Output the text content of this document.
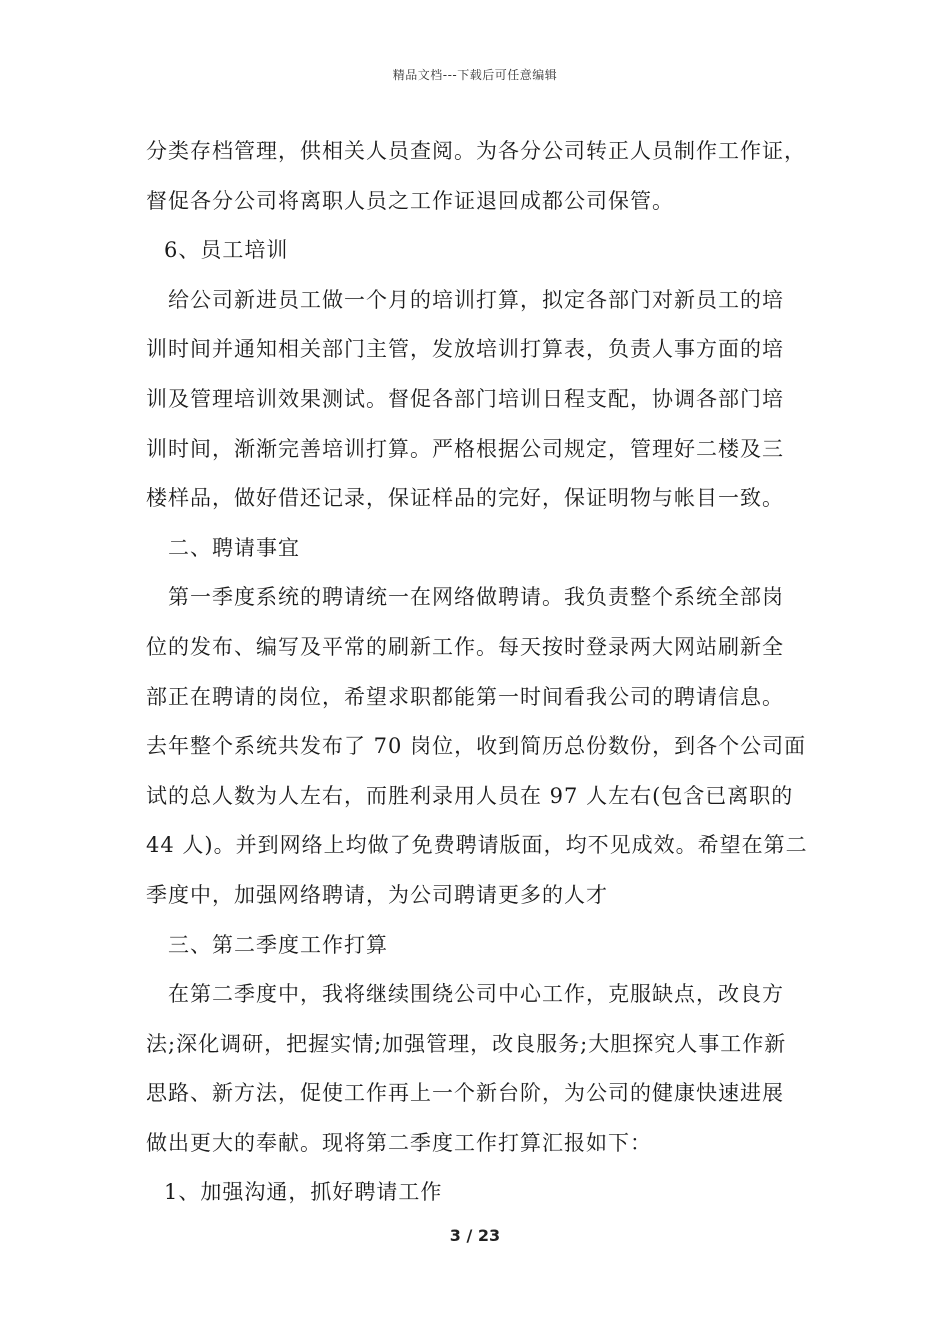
精品文档---下载后可任意编辑
分类存档管理，供相关人员查阅。为各分公司转正人员制作工作证，
督促各分公司将离职人员之工作证退回成都公司保管。
6、员工培训
给公司新进员工做一个月的培训打算，拟定各部门对新员工的培
训时间并通知相关部门主管，发放培训打算表，负责人事方面的培
训及管理培训效果测试。督促各部门培训日程支配，协调各部门培
训时间，渐渐完善培训打算。严格根据公司规定，管理好二楼及三
楼样品，做好借还记录，保证样品的完好，保证明物与帐目一致。
二、聘请事宜
第一季度系统的聘请统一在网络做聘请。我负责整个系统全部岗
位的发布、编写及平常的刷新工作。每天按时登录两大网站刷新全
部正在聘请的岗位，希望求职都能第一时间看我公司的聘请信息。
去年整个系统共发布了 70 岗位，收到简历总份数份，到各个公司面
试的总人数为人左右，而胜利录用人员在 97 人左右(包含已离职的
44 人)。并到网络上均做了免费聘请版面，均不见成效。希望在第二
季度中，加强网络聘请，为公司聘请更多的人才
三、第二季度工作打算
在第二季度中，我将继续围绕公司中心工作，克服缺点，改良方
法;深化调研，把握实情;加强管理，改良服务;大胆探究人事工作新
思路、新方法，促使工作再上一个新台阶，为公司的健康快速进展
做出更大的奉献。现将第二季度工作打算汇报如下：
1、加强沟通，抓好聘请工作
3 / 23
